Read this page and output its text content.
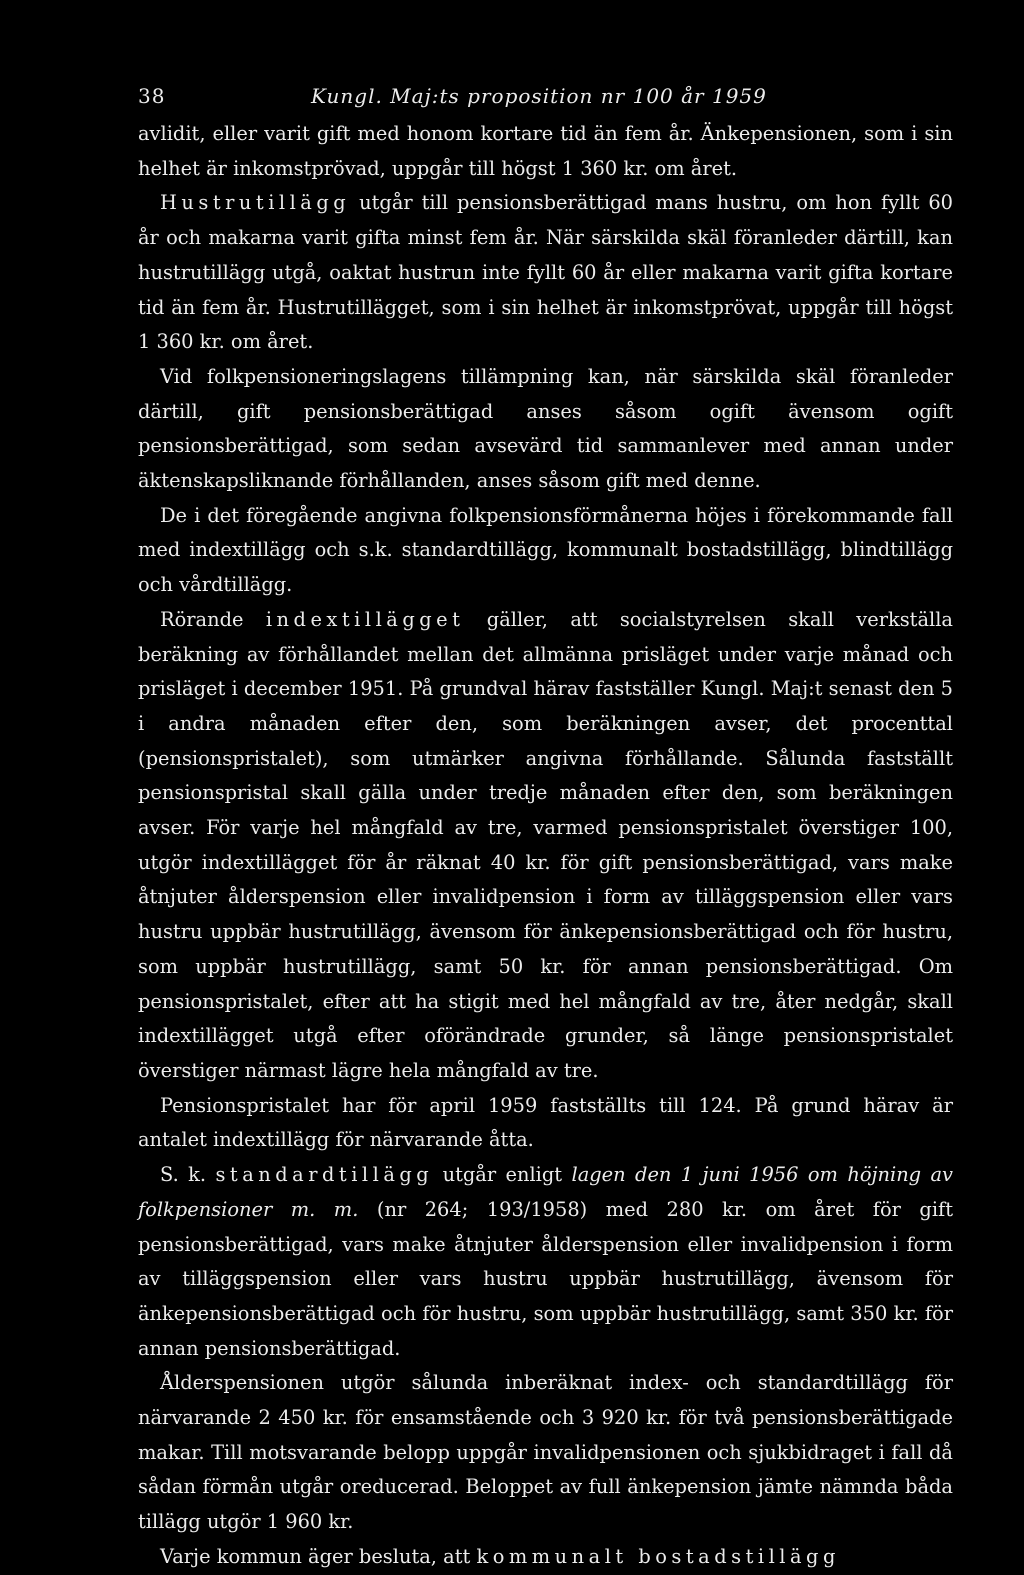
38	Kungl. Maj:ts proposition nr 100 år 1959

avlidit, eller varit gift med honom kortare tid än fem år. Änkepensionen, som i sin helhet är inkomstprövad, uppgår till högst 1 360 kr. om året.

Hustrutillägg utgår till pensionsberättigad mans hustru, om hon fyllt 60 år och makarna varit gifta minst fem år. När särskilda skäl föranleder därtill, kan hustrutillägg utgå, oaktat hustrun inte fyllt 60 år eller makarna varit gifta kortare tid än fem år. Hustrutillägget, som i sin helhet är inkomstprövat, uppgår till högst 1 360 kr. om året.

Vid folkpensioneringslagens tillämpning kan, när särskilda skäl föranleder därtill, gift pensionsberättigad anses såsom ogift ävensom ogift pensionsberättigad, som sedan avsevärd tid sammanlever med annan under äktenskapsliknande förhållanden, anses såsom gift med denne.

De i det föregående angivna folkpensionsförmånerna höjes i förekommande fall med indextillägg och s.k. standardtillägg, kommunalt bostadstillägg, blindtillägg och vårdtillägg.

Rörande indextillägget gäller, att socialstyrelsen skall verkställa beräkning av förhållandet mellan det allmänna prisläget under varje månad och prisläget i december 1951. På grundval härav fastställer Kungl. Maj:t senast den 5 i andra månaden efter den, som beräkningen avser, det procenttal (pensionspristalet), som utmärker angivna förhållande. Sålunda fastställt pensionspristal skall gälla under tredje månaden efter den, som beräkningen avser. För varje hel mångfald av tre, varmed pensionspristalet överstiger 100, utgör indextillägget för år räknat 40 kr. för gift pensionsberättigad, vars make åtnjuter ålderspension eller invalidpension i form av tilläggspension eller vars hustru uppbär hustrutillägg, ävensom för änkepensionsberättigad och för hustru, som uppbär hustrutillägg, samt 50 kr. för annan pensionsberättigad. Om pensionspristalet, efter att ha stigit med hel mångfald av tre, åter nedgår, skall indextillägget utgå efter oförändrade grunder, så länge pensionspristalet överstiger närmast lägre hela mångfald av tre.

Pensionspristalet har för april 1959 fastställts till 124. På grund härav är antalet indextillägg för närvarande åtta.

S. k. standardtillägg utgår enligt lagen den 1 juni 1956 om höjning av folkpensioner m. m. (nr 264; 193/1958) med 280 kr. om året för gift pensionsberättigad, vars make åtnjuter ålderspension eller invalidpension i form av tilläggspension eller vars hustru uppbär hustrutillägg, ävensom för änkepensionsberättigad och för hustru, som uppbär hustrutillägg, samt 350 kr. för annan pensionsberättigad.

Ålderspensionen utgör sålunda inberäknat index- och standardtillägg för närvarande 2 450 kr. för ensamstående och 3 920 kr. för två pensionsberättigade makar. Till motsvarande belopp uppgår invalidpensionen och sjukbidraget i fall då sådan förmån utgår oreducerad. Beloppet av full änkepension jämte nämnda båda tillägg utgör 1 960 kr.

Varje kommun äger besluta, att kommunalt bostadstillägg
